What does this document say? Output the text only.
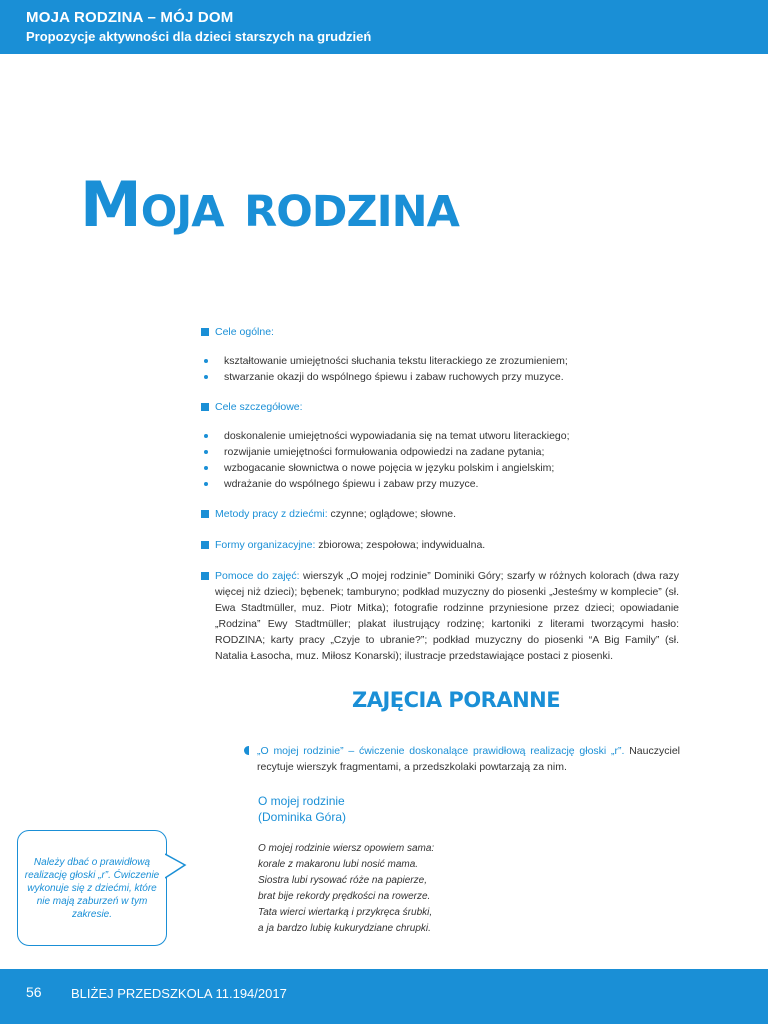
MOJA RODZINA – MÓJ DOM
Propozycje aktywności dla dzieci starszych na grudzień
Moja rodzina

Cele ogólne:

kształtowanie umiejętności słuchania tekstu literackiego ze zrozumieniem;
stwarzanie okazji do wspólnego śpiewu i zabaw ruchowych przy muzyce.

Cele szczegółowe:

doskonalenie umiejętności wypowiadania się na temat utworu literackiego;
rozwijanie umiejętności formułowania odpowiedzi na zadane pytania;
wzbogacanie słownictwa o nowe pojęcia w języku polskim i angielskim;
wdrażanie do wspólnego śpiewu i zabaw przy muzyce.

Metody pracy z dziećmi: czynne; oglądowe; słowne.

Formy organizacyjne: zbiorowa; zespołowa; indywidualna.

Pomoce do zajęć: wierszyk „O mojej rodzinie” Dominiki Góry; szarfy w różnych kolorach (dwa razy więcej niż dzieci); bębenek; tamburyno; podkład muzyczny do piosenki „Jesteśmy w komplecie” (sł. Ewa Stadtmüller, muz. Piotr Mitka); fotografie rodzinne przyniesione przez dzieci; opowiadanie „Rodzina” Ewy Stadtmüller; plakat ilustrujący rodzinę; kartoniki z literami tworzącymi hasło: RODZINA; karty pracy „Czyje to ubranie?”; podkład muzyczny do piosenki “A Big Family” (sł. Natalia Łasocha, muz. Miłosz Konarski); ilustracje przedstawiające postaci z piosenki.

ZAJĘCIA PORANNE
„O mojej rodzinie” – ćwiczenie doskonalące prawidłową realizację głoski „r”. Nauczyciel recytuje wierszyk fragmentami, a przedszkolaki powtarzają za nim.
O mojej rodzinie
(Dominika Góra)
O mojej rodzinie wiersz opowiem sama:
korale z makaronu lubi nosić mama.
Siostra lubi rysować róże na papierze,
brat bije rekordy prędkości na rowerze.
Tata wierci wiertarką i przykręca śrubki,
a ja bardzo lubię kukurydziane chrupki.
Należy dbać o prawidłową realizację głoski „r”. Ćwiczenie wykonuje się z dziećmi, które nie mają zaburzeń w tym zakresie.
56 BLIŻEJ PRZEDSZKOLA 11.194/2017
